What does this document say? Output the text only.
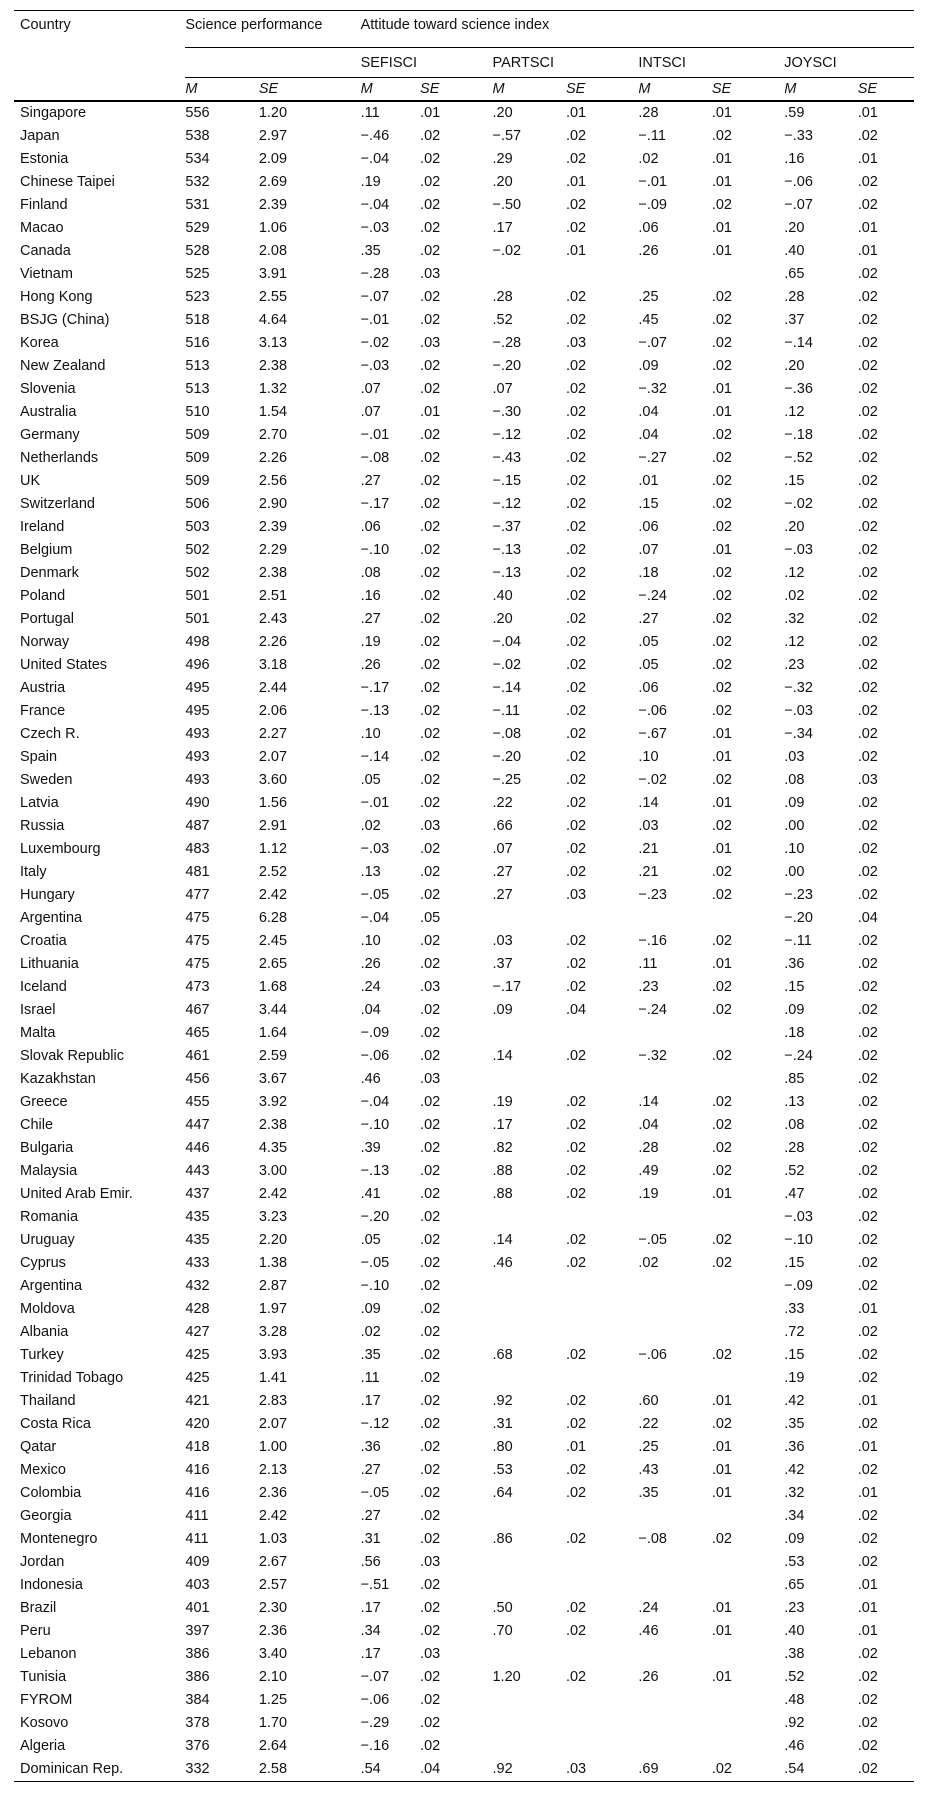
Country	Science performance		Attitude toward science index							
			SEFISCI		PARTSCI		INTSCI		JOYSCI	
	M	SE	M	SE	M	SE	M	SE	M	SE
Singapore	556	1.20	.11	.01	.20	.01	.28	.01	.59	.01
Japan	538	2.97	−.46	.02	−.57	.02	−.11	.02	−.33	.02
Estonia	534	2.09	−.04	.02	.29	.02	.02	.01	.16	.01
Chinese Taipei	532	2.69	.19	.02	.20	.01	−.01	.01	−.06	.02
Finland	531	2.39	−.04	.02	−.50	.02	−.09	.02	−.07	.02
Macao	529	1.06	−.03	.02	.17	.02	.06	.01	.20	.01
Canada	528	2.08	.35	.02	−.02	.01	.26	.01	.40	.01
Vietnam	525	3.91	−.28	.03					.65	.02
Hong Kong	523	2.55	−.07	.02	.28	.02	.25	.02	.28	.02
BSJG (China)	518	4.64	−.01	.02	.52	.02	.45	.02	.37	.02
Korea	516	3.13	−.02	.03	−.28	.03	−.07	.02	−.14	.02
New Zealand	513	2.38	−.03	.02	−.20	.02	.09	.02	.20	.02
Slovenia	513	1.32	.07	.02	.07	.02	−.32	.01	−.36	.02
Australia	510	1.54	.07	.01	−.30	.02	.04	.01	.12	.02
Germany	509	2.70	−.01	.02	−.12	.02	.04	.02	−.18	.02
Netherlands	509	2.26	−.08	.02	−.43	.02	−.27	.02	−.52	.02
UK	509	2.56	.27	.02	−.15	.02	.01	.02	.15	.02
Switzerland	506	2.90	−.17	.02	−.12	.02	.15	.02	−.02	.02
Ireland	503	2.39	.06	.02	−.37	.02	.06	.02	.20	.02
Belgium	502	2.29	−.10	.02	−.13	.02	.07	.01	−.03	.02
Denmark	502	2.38	.08	.02	−.13	.02	.18	.02	.12	.02
Poland	501	2.51	.16	.02	.40	.02	−.24	.02	.02	.02
Portugal	501	2.43	.27	.02	.20	.02	.27	.02	.32	.02
Norway	498	2.26	.19	.02	−.04	.02	.05	.02	.12	.02
United States	496	3.18	.26	.02	−.02	.02	.05	.02	.23	.02
Austria	495	2.44	−.17	.02	−.14	.02	.06	.02	−.32	.02
France	495	2.06	−.13	.02	−.11	.02	−.06	.02	−.03	.02
Czech R.	493	2.27	.10	.02	−.08	.02	−.67	.01	−.34	.02
Spain	493	2.07	−.14	.02	−.20	.02	.10	.01	.03	.02
Sweden	493	3.60	.05	.02	−.25	.02	−.02	.02	.08	.03
Latvia	490	1.56	−.01	.02	.22	.02	.14	.01	.09	.02
Russia	487	2.91	.02	.03	.66	.02	.03	.02	.00	.02
Luxembourg	483	1.12	−.03	.02	.07	.02	.21	.01	.10	.02
Italy	481	2.52	.13	.02	.27	.02	.21	.02	.00	.02
Hungary	477	2.42	−.05	.02	.27	.03	−.23	.02	−.23	.02
Argentina	475	6.28	−.04	.05					−.20	.04
Croatia	475	2.45	.10	.02	.03	.02	−.16	.02	−.11	.02
Lithuania	475	2.65	.26	.02	.37	.02	.11	.01	.36	.02
Iceland	473	1.68	.24	.03	−.17	.02	.23	.02	.15	.02
Israel	467	3.44	.04	.02	.09	.04	−.24	.02	.09	.02
Malta	465	1.64	−.09	.02					.18	.02
Slovak Republic	461	2.59	−.06	.02	.14	.02	−.32	.02	−.24	.02
Kazakhstan	456	3.67	.46	.03					.85	.02
Greece	455	3.92	−.04	.02	.19	.02	.14	.02	.13	.02
Chile	447	2.38	−.10	.02	.17	.02	.04	.02	.08	.02
Bulgaria	446	4.35	.39	.02	.82	.02	.28	.02	.28	.02
Malaysia	443	3.00	−.13	.02	.88	.02	.49	.02	.52	.02
United Arab Emir.	437	2.42	.41	.02	.88	.02	.19	.01	.47	.02
Romania	435	3.23	−.20	.02					−.03	.02
Uruguay	435	2.20	.05	.02	.14	.02	−.05	.02	−.10	.02
Cyprus	433	1.38	−.05	.02	.46	.02	.02	.02	.15	.02
Argentina	432	2.87	−.10	.02					−.09	.02
Moldova	428	1.97	.09	.02					.33	.01
Albania	427	3.28	.02	.02					.72	.02
Turkey	425	3.93	.35	.02	.68	.02	−.06	.02	.15	.02
Trinidad Tobago	425	1.41	.11	.02					.19	.02
Thailand	421	2.83	.17	.02	.92	.02	.60	.01	.42	.01
Costa Rica	420	2.07	−.12	.02	.31	.02	.22	.02	.35	.02
Qatar	418	1.00	.36	.02	.80	.01	.25	.01	.36	.01
Mexico	416	2.13	.27	.02	.53	.02	.43	.01	.42	.02
Colombia	416	2.36	−.05	.02	.64	.02	.35	.01	.32	.01
Georgia	411	2.42	.27	.02					.34	.02
Montenegro	411	1.03	.31	.02	.86	.02	−.08	.02	.09	.02
Jordan	409	2.67	.56	.03					.53	.02
Indonesia	403	2.57	−.51	.02					.65	.01
Brazil	401	2.30	.17	.02	.50	.02	.24	.01	.23	.01
Peru	397	2.36	.34	.02	.70	.02	.46	.01	.40	.01
Lebanon	386	3.40	.17	.03					.38	.02
Tunisia	386	2.10	−.07	.02	1.20	.02	.26	.01	.52	.02
FYROM	384	1.25	−.06	.02					.48	.02
Kosovo	378	1.70	−.29	.02					.92	.02
Algeria	376	2.64	−.16	.02					.46	.02
Dominican Rep.	332	2.58	.54	.04	.92	.03	.69	.02	.54	.02
